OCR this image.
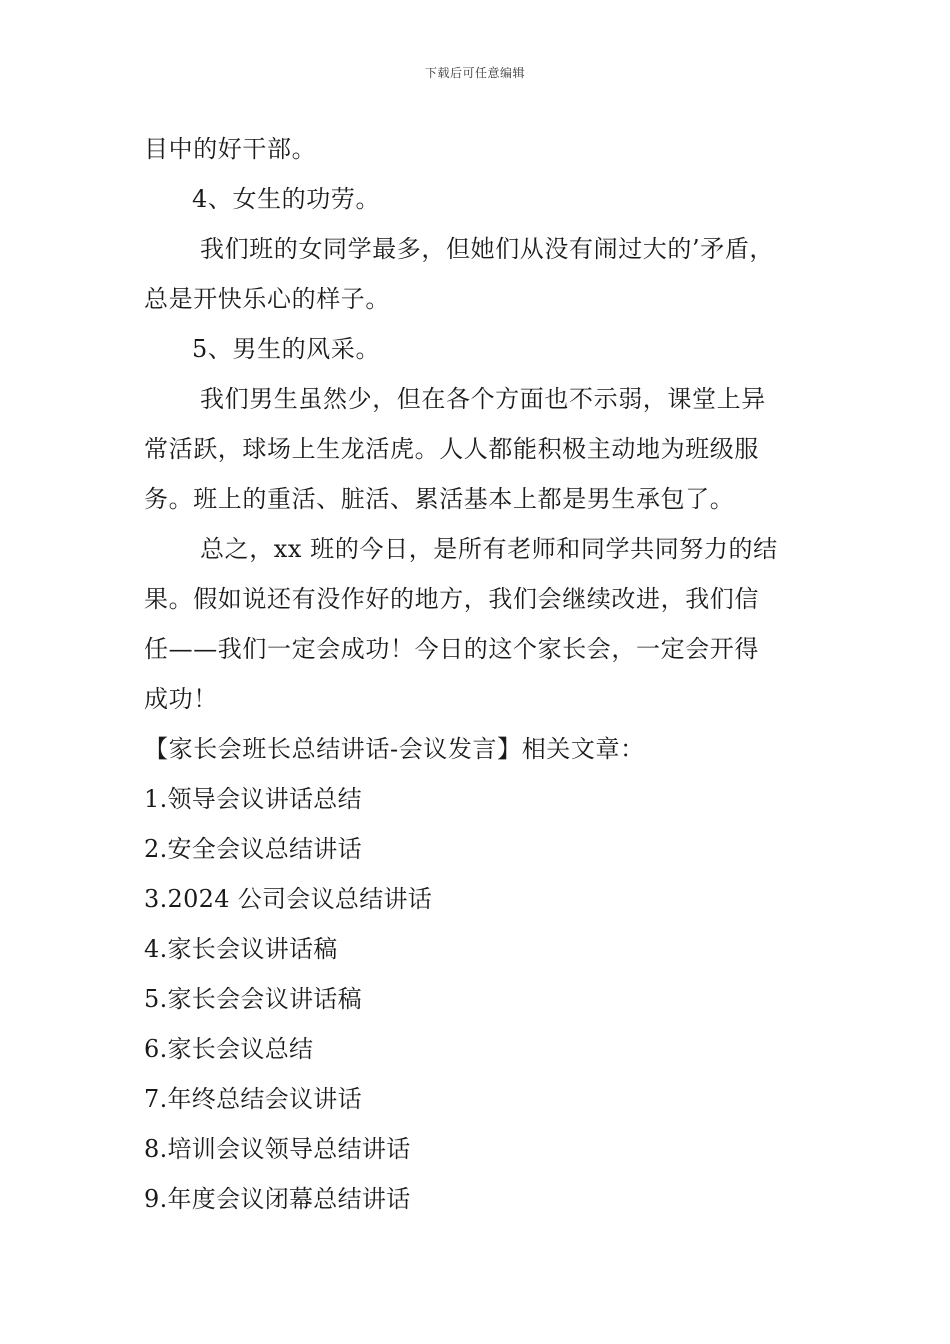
下载后可任意编辑
目中的好干部。
4、女生的功劳。
我们班的女同学最多，但她们从没有闹过大的’矛盾，
总是开快乐心的样子。
5、男生的风采。
我们男生虽然少，但在各个方面也不示弱，课堂上异
常活跃，球场上生龙活虎。人人都能积极主动地为班级服
务。班上的重活、脏活、累活基本上都是男生承包了。
总之，xx 班的今日，是所有老师和同学共同努力的结
果。假如说还有没作好的地方，我们会继续改进，我们信
任——我们一定会成功！今日的这个家长会，一定会开得
成功！
【家长会班长总结讲话-会议发言】相关文章：
1.领导会议讲话总结
2.安全会议总结讲话
3.2024 公司会议总结讲话
4.家长会议讲话稿
5.家长会会议讲话稿
6.家长会议总结
7.年终总结会议讲话
8.培训会议领导总结讲话
9.年度会议闭幕总结讲话
